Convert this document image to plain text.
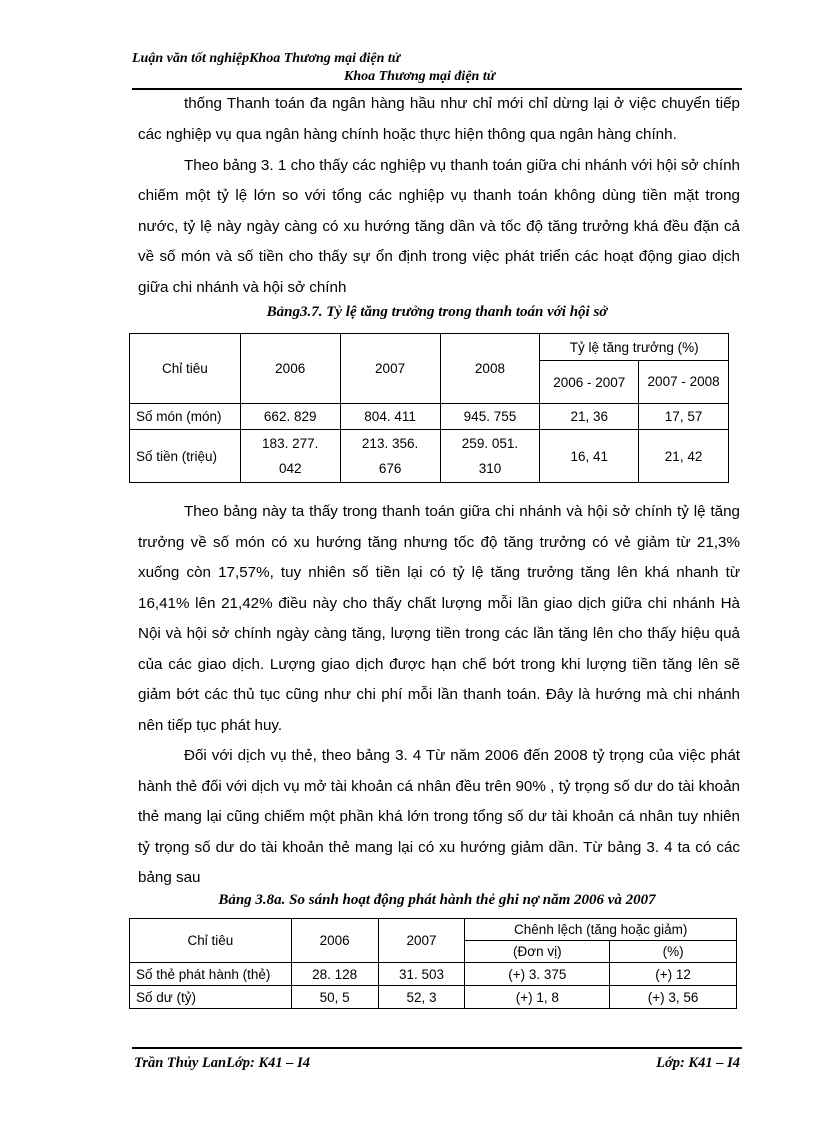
Luận văn tốt nghiệpKhoa Thương mại điện tử
Khoa Thương mại điện tử

thống Thanh toán đa ngân hàng hầu như chỉ mới chỉ dừng lại ở việc chuyển tiếp các nghiệp vụ qua ngân hàng chính hoặc thực hiện thông qua ngân hàng chính.

Theo bảng 3. 1 cho thấy các nghiệp vụ thanh toán giữa chi nhánh với hội sở chính chiếm một tỷ lệ lớn so với tổng các nghiệp vụ thanh toán không dùng tiền mặt trong nước, tỷ lệ này ngày càng có xu hướng tăng dần và tốc độ tăng trưởng khá đều đặn cả về số món và số tiền cho thấy sự ổn định trong việc phát triển các hoạt động giao dịch giữa chi nhánh và hội sở chính

Bảng3.7. Tỷ lệ tăng trưởng trong thanh toán với hội sở
Chỉ tiêu	2006	2007	2008	Tỷ lệ tăng trưởng (%)	
				2006 - 2007	2007 - 2008
Số món (món)	662. 829	804. 411	945. 755	21, 36	17, 57
Số tiền (triệu)	183. 277. 042	213. 356. 676	259. 051. 310	16, 41	21, 42

Theo bảng này ta thấy trong thanh toán giữa chi nhánh và hội sở chính tỷ lệ tăng trưởng về số món có xu hướng tăng nhưng tốc độ tăng trưởng có vẻ giảm từ 21,3% xuống còn 17,57%, tuy nhiên số tiền lại có tỷ lệ tăng trưởng tăng lên khá nhanh từ 16,41% lên 21,42% điều này cho thấy chất lượng mỗi lần giao dịch giữa chi nhánh Hà Nội và hội sở chính ngày càng tăng, lượng tiền trong các lần tăng lên cho thấy hiệu quả của các giao dịch. Lượng giao dịch được hạn chế bớt trong khi lượng tiền tăng lên sẽ giảm bớt các thủ tục cũng như chi phí mỗi lần thanh toán. Đây là hướng mà chi nhánh nên tiếp tục phát huy.

Đối với dịch vụ thẻ, theo bảng 3. 4 Từ năm 2006 đến 2008 tỷ trọng của việc phát hành thẻ đối với dịch vụ mở tài khoản cá nhân đều trên 90% , tỷ trọng số dư do tài khoản thẻ mang lại cũng chiếm một phần khá lớn trong tổng số dư tài khoản cá nhân tuy nhiên tỷ trọng số dư do tài khoản thẻ mang lại có xu hướng giảm dần. Từ bảng 3. 4 ta có các bảng sau

Bảng 3.8a. So sánh hoạt động phát hành thẻ ghi nợ năm 2006 và 2007
Chỉ tiêu	2006	2007	Chênh lệch (tăng hoặc giảm)	
			(Đơn vị)	(%)
Số thẻ phát hành (thẻ)	28. 128	31. 503	(+) 3. 375	(+) 12
Số dư (tỷ)	50, 5	52, 3	(+) 1, 8	(+) 3, 56
Trần Thủy LanLớp: K41 – I4	Lớp: K41 – I4
